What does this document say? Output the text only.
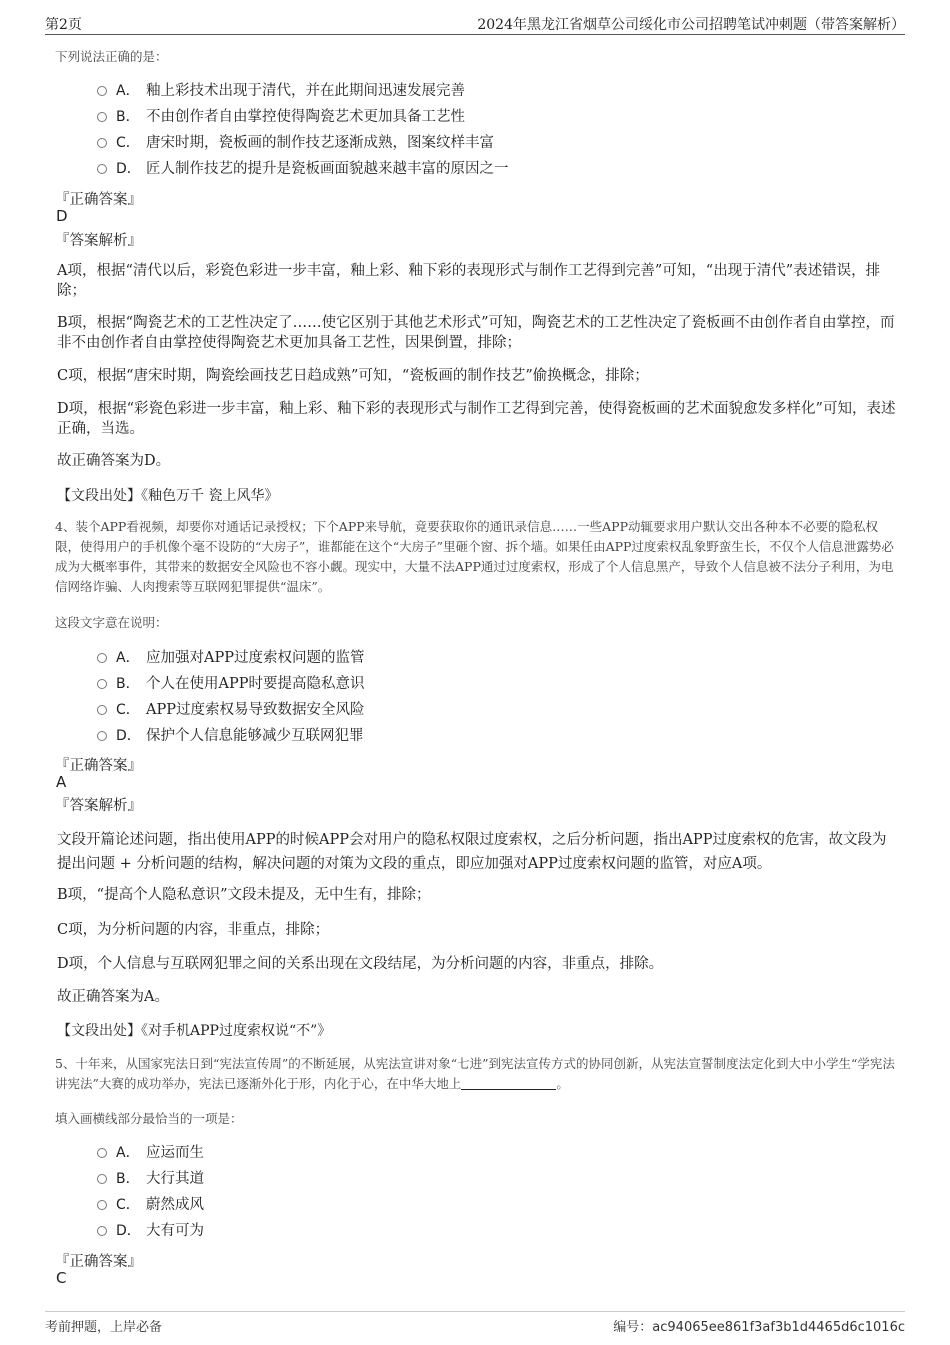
第2页	2024年黑龙江省烟草公司绥化市公司招聘笔试冲刺题（带答案解析）
下列说法正确的是：
A． 釉上彩技术出现于清代，并在此期间迅速发展完善
B． 不由创作者自由掌控使得陶瓷艺术更加具备工艺性
C． 唐宋时期，瓷板画的制作技艺逐渐成熟，图案纹样丰富
D． 匠人制作技艺的提升是瓷板画面貌越来越丰富的原因之一
『正确答案』
D
『答案解析』

A项，根据“清代以后，彩瓷色彩进一步丰富，釉上彩、釉下彩的表现形式与制作工艺得到完善”可知，“出现于清代”表述错误，排除；

B项，根据“陶瓷艺术的工艺性决定了……使它区别于其他艺术形式”可知，陶瓷艺术的工艺性决定了瓷板画不由创作者自由掌控，而非不由创作者自由掌控使得陶瓷艺术更加具备工艺性，因果倒置，排除；

C项，根据“唐宋时期，陶瓷绘画技艺日趋成熟”可知，“瓷板画的制作技艺”偷换概念，排除；

D项，根据“彩瓷色彩进一步丰富，釉上彩、釉下彩的表现形式与制作工艺得到完善，使得瓷板画的艺术面貌愈发多样化”可知，表述正确，当选。

故正确答案为D。

【文段出处】《釉色万千 瓷上风华》

4、装个APP看视频，却要你对通话记录授权；下个APP来导航，竟要获取你的通讯录信息……一些APP动辄要求用户默认交出各种本不必要的隐私权限，使得用户的手机像个毫不设防的“大房子”，谁都能在这个“大房子”里砸个窗、拆个墙。如果任由APP过度索权乱象野蛮生长，不仅个人信息泄露势必成为大概率事件，其带来的数据安全风险也不容小觑。现实中，大量不法APP通过过度索权，形成了个人信息黑产，导致个人信息被不法分子利用，为电信网络诈骗、人肉搜索等互联网犯罪提供“温床”。

这段文字意在说明：
A． 应加强对APP过度索权问题的监管
B． 个人在使用APP时要提高隐私意识
C． APP过度索权易导致数据安全风险
D． 保护个人信息能够减少互联网犯罪
『正确答案』
A
『答案解析』

文段开篇论述问题，指出使用APP的时候APP会对用户的隐私权限过度索权，之后分析问题，指出APP过度索权的危害，故文段为提出问题 + 分析问题的结构，解决问题的对策为文段的重点，即应加强对APP过度索权问题的监管，对应A项。

B项，“提高个人隐私意识”文段未提及，无中生有，排除；

C项，为分析问题的内容，非重点，排除；

D项，个人信息与互联网犯罪之间的关系出现在文段结尾，为分析问题的内容，非重点，排除。

故正确答案为A。

【文段出处】《对手机APP过度索权说“不”》

5、十年来，从国家宪法日到“宪法宣传周”的不断延展，从宪法宣讲对象“七进”到宪法宣传方式的协同创新，从宪法宣誓制度法定化到大中小学生“学宪法讲宪法”大赛的成功举办，宪法已逐渐外化于形，内化于心，在中华大地上	。

填入画横线部分最恰当的一项是：
A． 应运而生
B． 大行其道
C． 蔚然成风
D． 大有可为
『正确答案』
C
考前押题，上岸必备	编号：ac94065ee861f3af3b1d4465d6c1016c
